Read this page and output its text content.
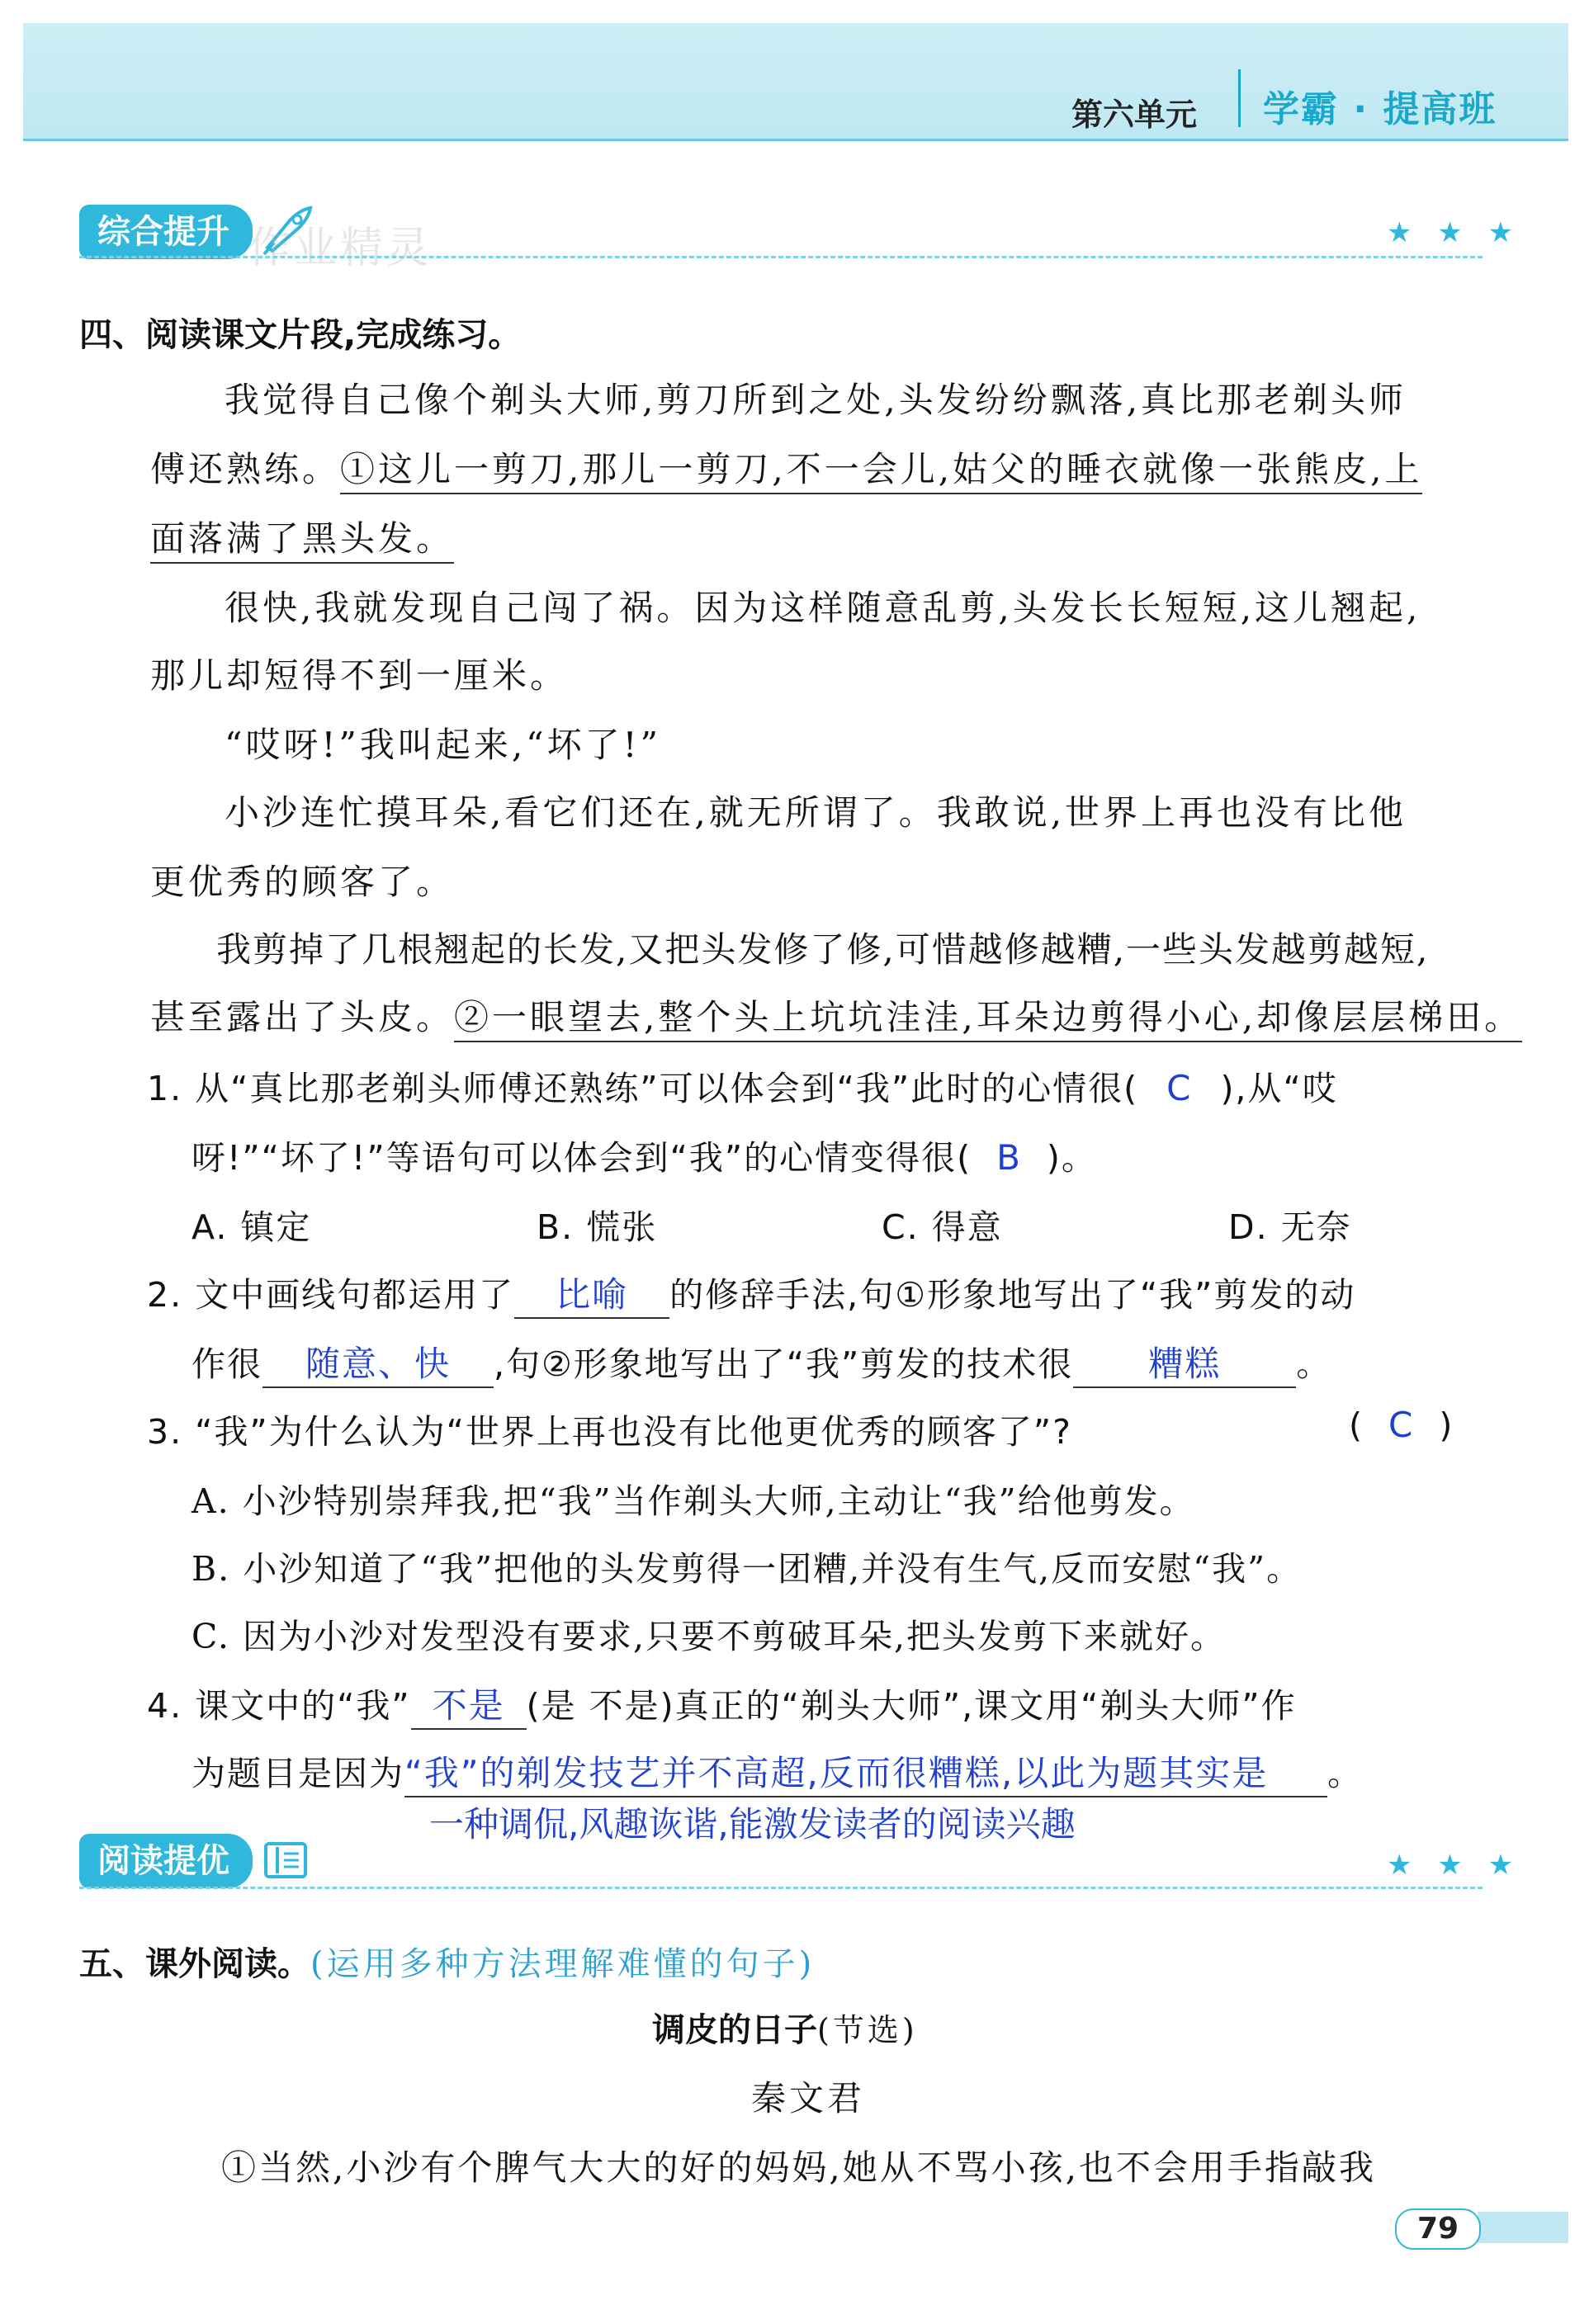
第六单元 学霸 · 提高班
综合提升 作业精灵	★ ★ ★
四、阅读课文片段,完成练习。
我觉得自己像个剃头大师,剪刀所到之处,头发纷纷飘落,真比那老剃头师
傅还熟练。①这儿一剪刀,那儿一剪刀,不一会儿,姑父的睡衣就像一张熊皮,上
面落满了黑头发。
很快,我就发现自己闯了祸。因为这样随意乱剪,头发长长短短,这儿翘起,
那儿却短得不到一厘米。
“哎呀!”我叫起来,“坏了!”
小沙连忙摸耳朵,看它们还在,就无所谓了。我敢说,世界上再也没有比他
更优秀的顾客了。
我剪掉了几根翘起的长发,又把头发修了修,可惜越修越糟,一些头发越剪越短,
甚至露出了头皮。②一眼望去,整个头上坑坑洼洼,耳朵边剪得小心,却像层层梯田。
1. 从“真比那老剃头师傅还熟练”可以体会到“我”此时的心情很( C ),从“哎
呀!”“坏了!”等语句可以体会到“我”的心情变得很( B )。
A. 镇定	B. 慌张	C. 得意	D. 无奈
2. 文中画线句都运用了 比喻 的修辞手法,句①形象地写出了“我”剪发的动
作很 随意、快 ,句②形象地写出了“我”剪发的技术很 糟糕 。
3. “我”为什么认为“世界上再也没有比他更优秀的顾客了”?	( C )
A. 小沙特别崇拜我,把“我”当作剃头大师,主动让“我”给他剪发。
B. 小沙知道了“我”把他的头发剪得一团糟,并没有生气,反而安慰“我”。
C. 因为小沙对发型没有要求,只要不剪破耳朵,把头发剪下来就好。
4. 课文中的“我” 不是 (是 不是)真正的“剃头大师”,课文用“剃头大师”作
为题目是因为“我”的剃发技艺并不高超,反而很糟糕,以此为题其实是 。
一种调侃,风趣诙谐,能激发读者的阅读兴趣
阅读提优	★ ★ ★
五、课外阅读。(运用多种方法理解难懂的句子)
调皮的日子(节选)
秦文君
①当然,小沙有个脾气大大的好的妈妈,她从不骂小孩,也不会用手指敲我
79
